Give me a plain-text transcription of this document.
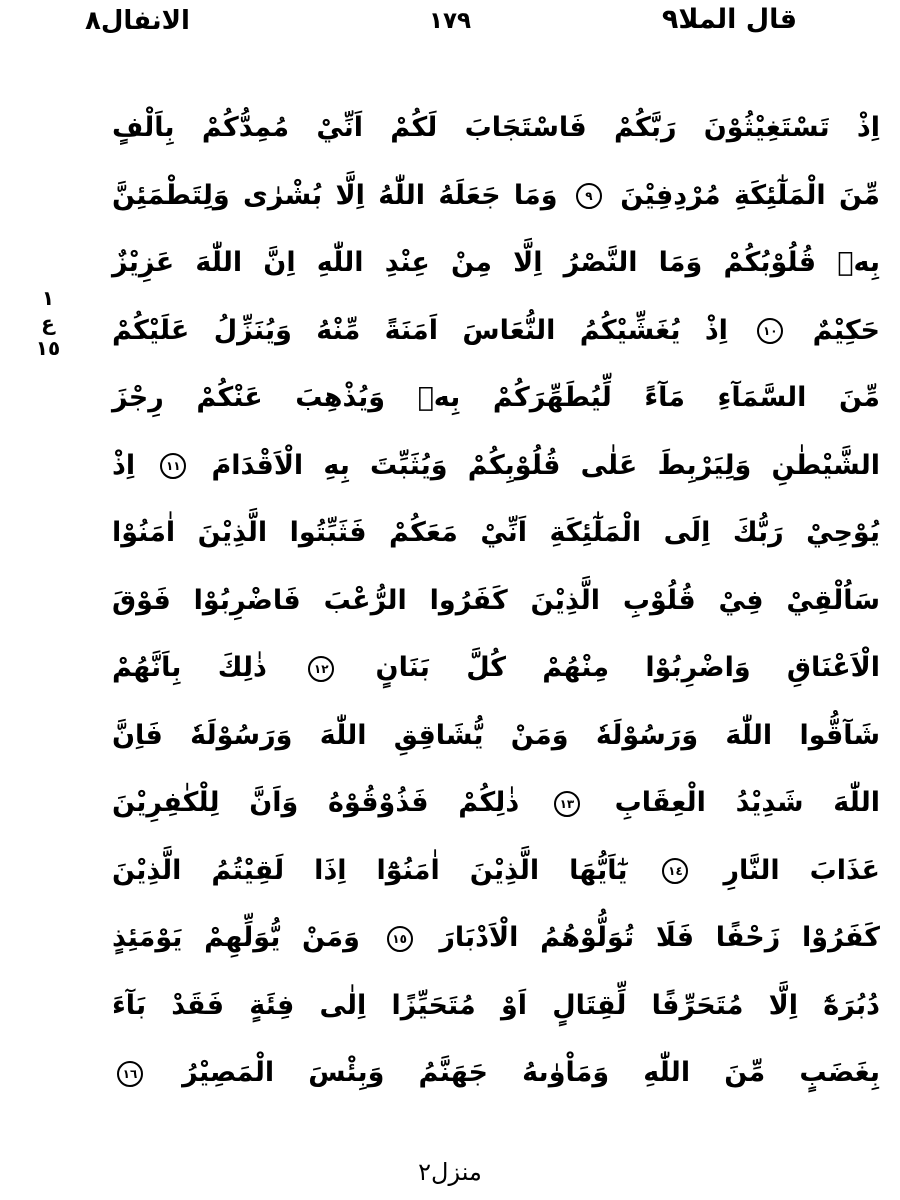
قال الملا٩
١٧٩
الانفال٨
١
ع
١٥
اِذْ تَسْتَغِيْثُوْنَ رَبَّكُمْ فَاسْتَجَابَ لَكُمْ اَنِّيْ مُمِدُّكُمْ بِاَلْفٍ
مِّنَ الْمَلٰٓئِكَةِ مُرْدِفِيْنَ ٩ وَمَا جَعَلَهُ اللّٰهُ اِلَّا بُشْرٰى وَلِتَطْمَئِنَّ
بِهٖ قُلُوْبُكُمْ وَمَا النَّصْرُ اِلَّا مِنْ عِنْدِ اللّٰهِ اِنَّ اللّٰهَ عَزِيْزٌ
حَكِيْمٌ ١٠ اِذْ يُغَشِّيْكُمُ النُّعَاسَ اَمَنَةً مِّنْهُ وَيُنَزِّلُ عَلَيْكُمْ
مِّنَ السَّمَآءِ مَآءً لِّيُطَهِّرَكُمْ بِهٖ وَيُذْهِبَ عَنْكُمْ رِجْزَ
الشَّيْطٰنِ وَلِيَرْبِطَ عَلٰى قُلُوْبِكُمْ وَيُثَبِّتَ بِهِ الْاَقْدَامَ ١١ اِذْ
يُوْحِيْ رَبُّكَ اِلَى الْمَلٰٓئِكَةِ اَنِّيْ مَعَكُمْ فَثَبِّتُوا الَّذِيْنَ اٰمَنُوْا
سَاُلْقِيْ فِيْ قُلُوْبِ الَّذِيْنَ كَفَرُوا الرُّعْبَ فَاضْرِبُوْا فَوْقَ
الْاَعْنَاقِ وَاضْرِبُوْا مِنْهُمْ كُلَّ بَنَانٍ ١٢ ذٰلِكَ بِاَنَّهُمْ
شَآقُّوا اللّٰهَ وَرَسُوْلَهٗ وَمَنْ يُّشَاقِقِ اللّٰهَ وَرَسُوْلَهٗ فَاِنَّ
اللّٰهَ شَدِيْدُ الْعِقَابِ ١٣ ذٰلِكُمْ فَذُوْقُوْهُ وَاَنَّ لِلْكٰفِرِيْنَ
عَذَابَ النَّارِ ١٤ يٰٓاَيُّهَا الَّذِيْنَ اٰمَنُوْٓا اِذَا لَقِيْتُمُ الَّذِيْنَ
كَفَرُوْا زَحْفًا فَلَا تُوَلُّوْهُمُ الْاَدْبَارَ ١٥ وَمَنْ يُّوَلِّهِمْ يَوْمَئِذٍ
دُبُرَهٗٓ اِلَّا مُتَحَرِّفًا لِّقِتَالٍ اَوْ مُتَحَيِّزًا اِلٰى فِئَةٍ فَقَدْ بَآءَ
بِغَضَبٍ مِّنَ اللّٰهِ وَمَاْوٰىهُ جَهَنَّمُ وَبِئْسَ الْمَصِيْرُ ١٦
منزل٢
